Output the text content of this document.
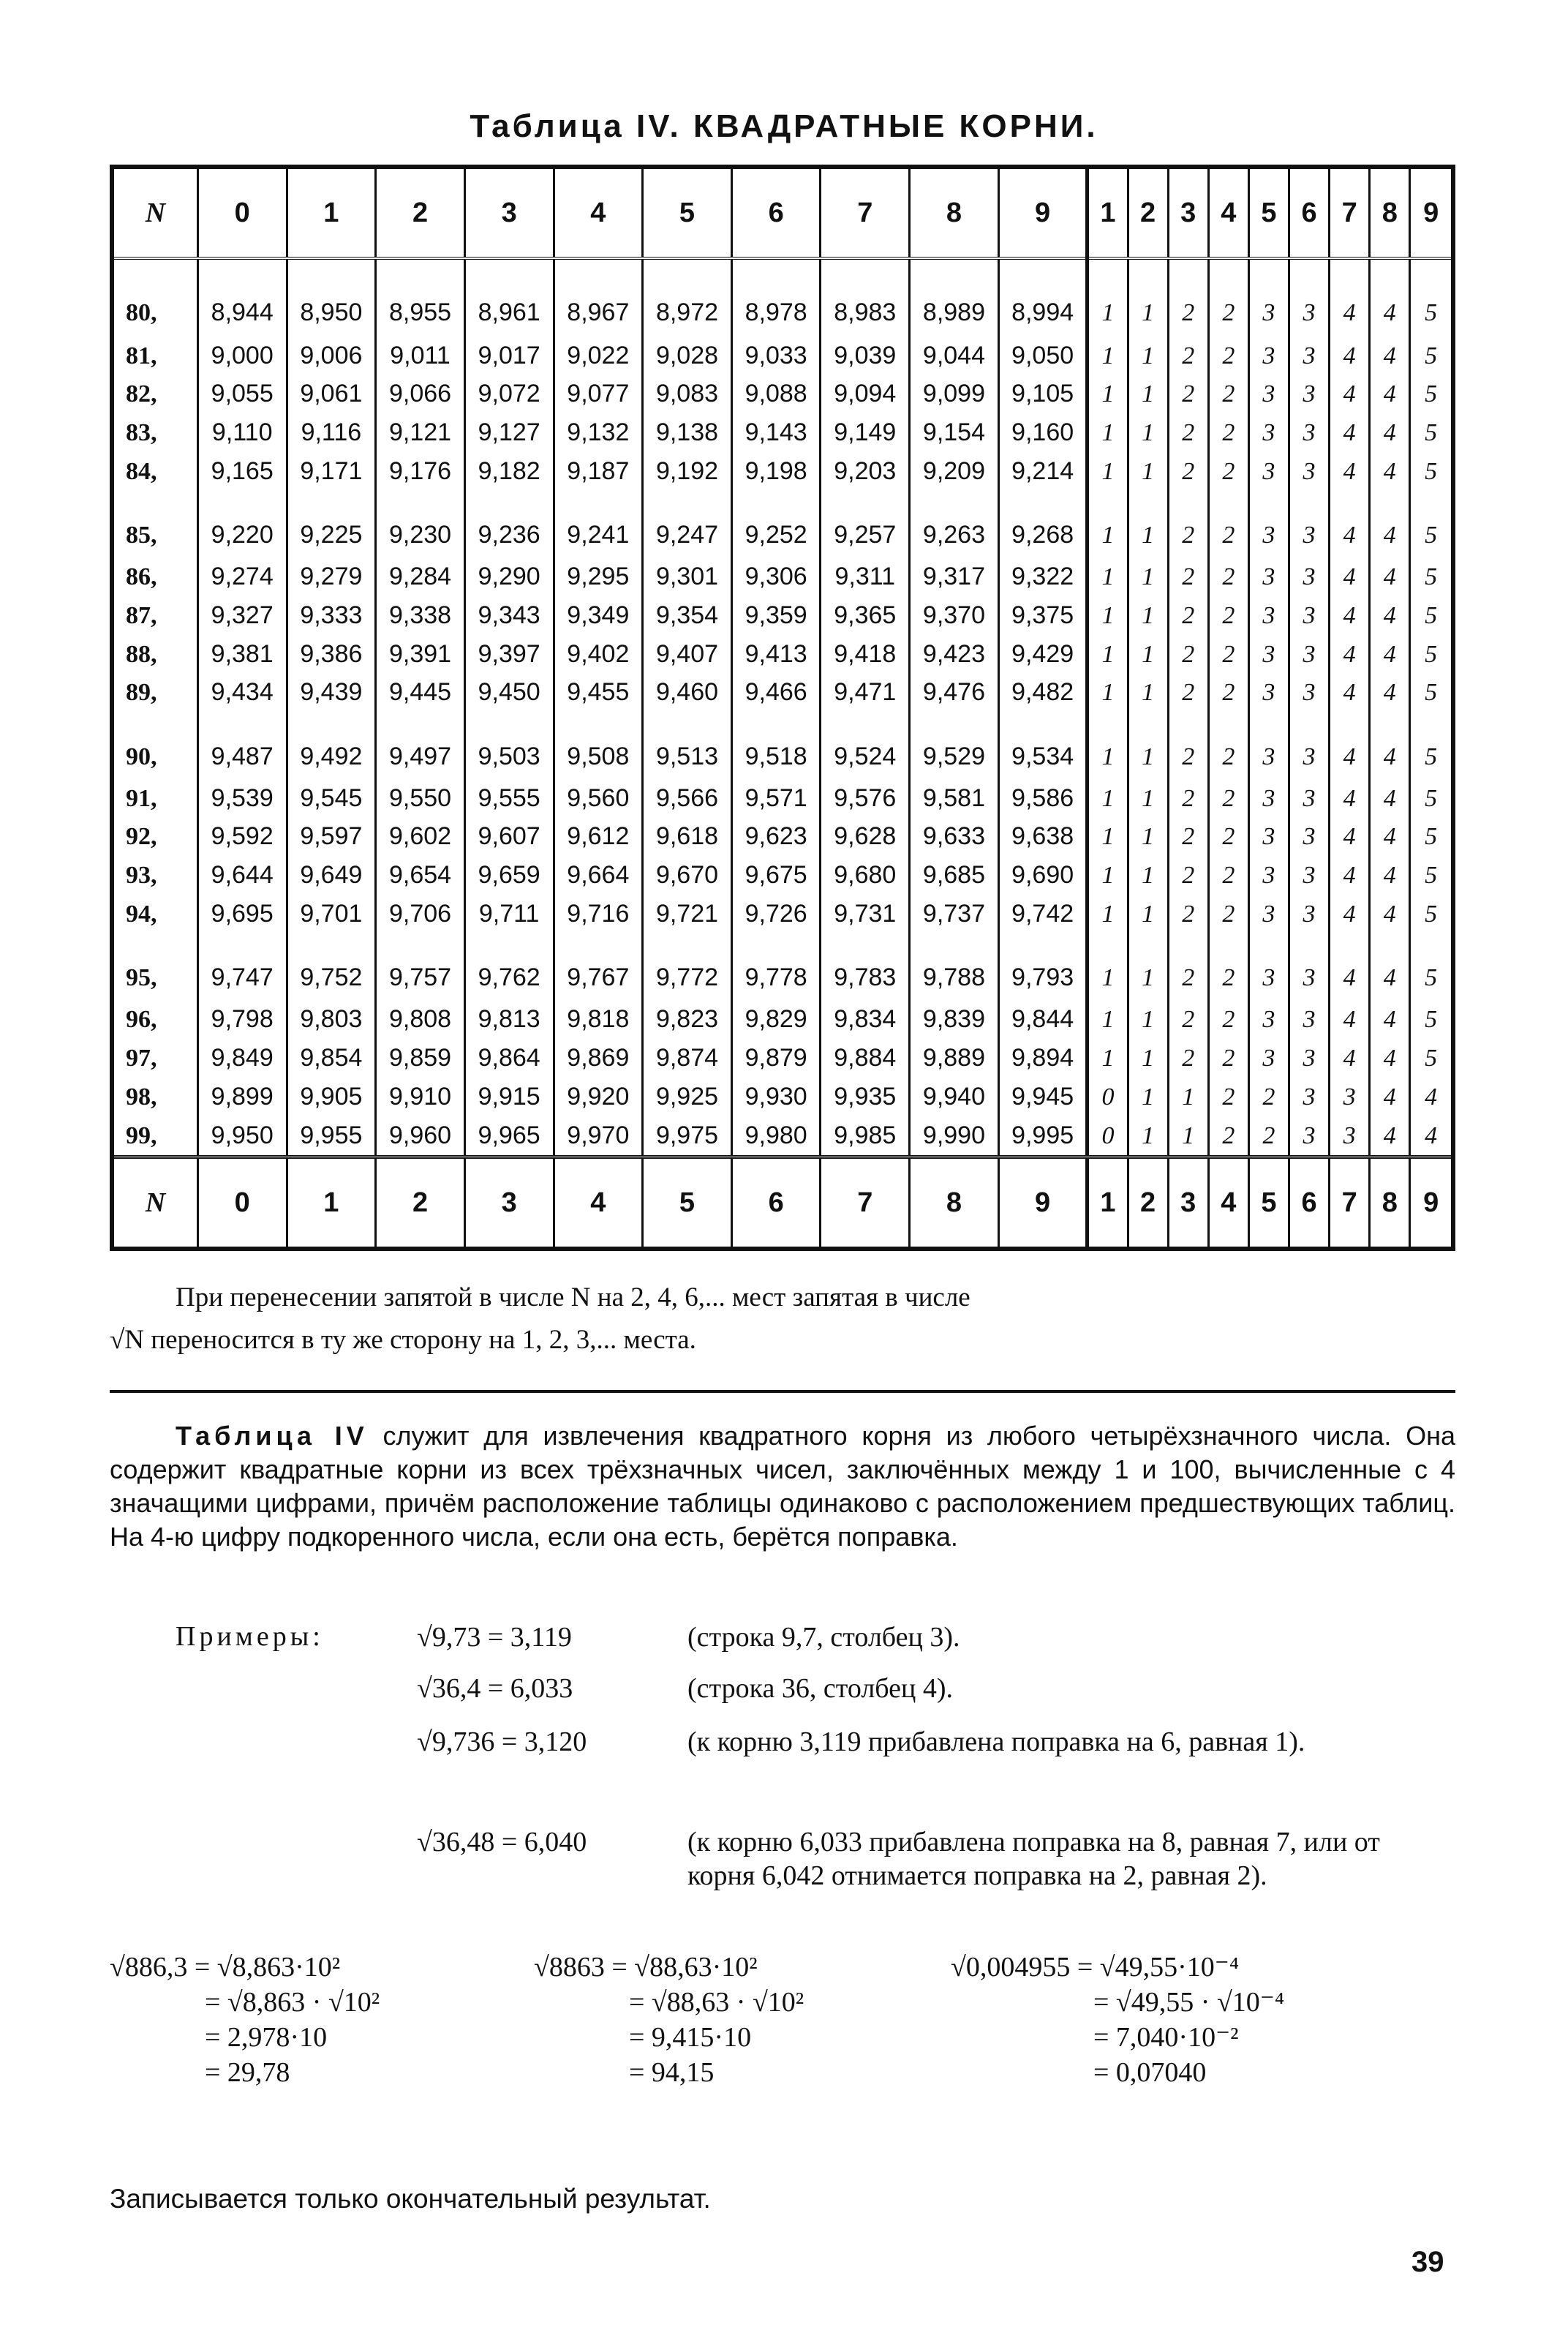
Таблица IV. КВАДРАТНЫЕ КОРНИ.
N	0	1	2	3	4	5	6	7	8	9	1	2	3	4	5	6	7	8	9
80,	8,944	8,950	8,955	8,961	8,967	8,972	8,978	8,983	8,989	8,994	1	1	2	2	3	3	4	4	5
81,	9,000	9,006	9,011	9,017	9,022	9,028	9,033	9,039	9,044	9,050	1	1	2	2	3	3	4	4	5
82,	9,055	9,061	9,066	9,072	9,077	9,083	9,088	9,094	9,099	9,105	1	1	2	2	3	3	4	4	5
83,	9,110	9,116	9,121	9,127	9,132	9,138	9,143	9,149	9,154	9,160	1	1	2	2	3	3	4	4	5
84,	9,165	9,171	9,176	9,182	9,187	9,192	9,198	9,203	9,209	9,214	1	1	2	2	3	3	4	4	5
85,	9,220	9,225	9,230	9,236	9,241	9,247	9,252	9,257	9,263	9,268	1	1	2	2	3	3	4	4	5
86,	9,274	9,279	9,284	9,290	9,295	9,301	9,306	9,311	9,317	9,322	1	1	2	2	3	3	4	4	5
87,	9,327	9,333	9,338	9,343	9,349	9,354	9,359	9,365	9,370	9,375	1	1	2	2	3	3	4	4	5
88,	9,381	9,386	9,391	9,397	9,402	9,407	9,413	9,418	9,423	9,429	1	1	2	2	3	3	4	4	5
89,	9,434	9,439	9,445	9,450	9,455	9,460	9,466	9,471	9,476	9,482	1	1	2	2	3	3	4	4	5
90,	9,487	9,492	9,497	9,503	9,508	9,513	9,518	9,524	9,529	9,534	1	1	2	2	3	3	4	4	5
91,	9,539	9,545	9,550	9,555	9,560	9,566	9,571	9,576	9,581	9,586	1	1	2	2	3	3	4	4	5
92,	9,592	9,597	9,602	9,607	9,612	9,618	9,623	9,628	9,633	9,638	1	1	2	2	3	3	4	4	5
93,	9,644	9,649	9,654	9,659	9,664	9,670	9,675	9,680	9,685	9,690	1	1	2	2	3	3	4	4	5
94,	9,695	9,701	9,706	9,711	9,716	9,721	9,726	9,731	9,737	9,742	1	1	2	2	3	3	4	4	5
95,	9,747	9,752	9,757	9,762	9,767	9,772	9,778	9,783	9,788	9,793	1	1	2	2	3	3	4	4	5
96,	9,798	9,803	9,808	9,813	9,818	9,823	9,829	9,834	9,839	9,844	1	1	2	2	3	3	4	4	5
97,	9,849	9,854	9,859	9,864	9,869	9,874	9,879	9,884	9,889	9,894	1	1	2	2	3	3	4	4	5
98,	9,899	9,905	9,910	9,915	9,920	9,925	9,930	9,935	9,940	9,945	0	1	1	2	2	3	3	4	4
99,	9,950	9,955	9,960	9,965	9,970	9,975	9,980	9,985	9,990	9,995	0	1	1	2	2	3	3	4	4
N	0	1	2	3	4	5	6	7	8	9	1	2	3	4	5	6	7	8	9
При перенесении запятой в числе N на 2, 4, 6,... мест запятая в числе
√N переносится в ту же сторону на 1, 2, 3,... места.
Таблица IV служит для извлечения квадратного корня из любого четырёхзначного числа. Она содержит квадратные корни из всех трёхзначных чисел, заключённых между 1 и 100, вычисленные с 4 значащими цифрами, причём расположение таблицы одинаково с расположением предшествующих таблиц. На 4-ю цифру подкоренного числа, если она есть, берётся поправка.
Примеры:	√9,73 = 3,119	(строка 9,7, столбец 3).
√36,4 = 6,033	(строка 36, столбец 4).
√9,736 = 3,120	(к корню 3,119 прибавлена поправка на 6, равная 1).
√36,48 = 6,040	(к корню 6,033 прибавлена поправка на 8, равная 7, или от корня 6,042 отнимается поправка на 2, равная 2).
√886,3 = √8,863·10²
= √8,863 · √10²
= 2,978·10
= 29,78
√8863 = √88,63·10²
= √88,63 · √10²
= 9,415·10
= 94,15
√0,004955 = √49,55·10⁻⁴
= √49,55 · √10⁻⁴
= 7,040·10⁻²
= 0,07040
Записывается только окончательный результат.
39
